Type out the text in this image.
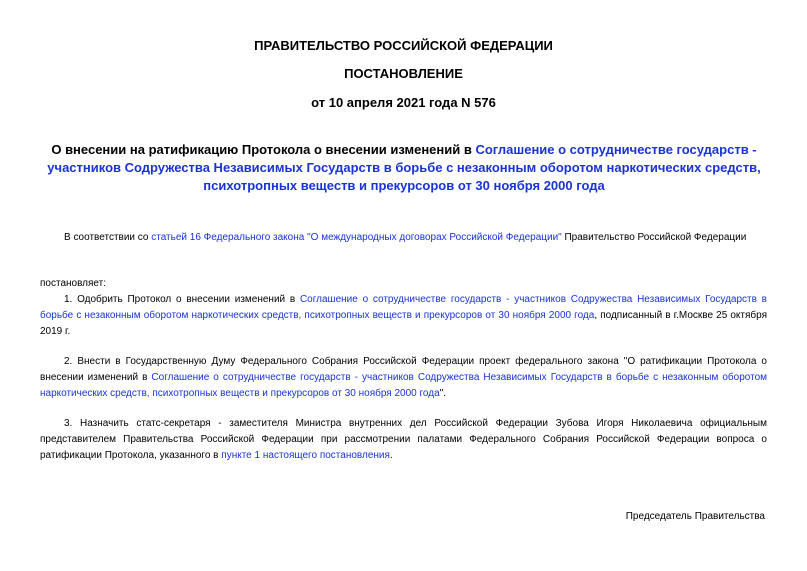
ПРАВИТЕЛЬСТВО РОССИЙСКОЙ ФЕДЕРАЦИИ
ПОСТАНОВЛЕНИЕ
от 10 апреля 2021 года N 576
О внесении на ратификацию Протокола о внесении изменений в Соглашение о сотрудничестве государств - участников Содружества Независимых Государств в борьбе с незаконным оборотом наркотических средств, психотропных веществ и прекурсоров от 30 ноября 2000 года
В соответствии со статьей 16 Федерального закона "О международных договорах Российской Федерации" Правительство Российской Федерации
постановляет:
1. Одобрить Протокол о внесении изменений в Соглашение о сотрудничестве государств - участников Содружества Независимых Государств в борьбе с незаконным оборотом наркотических средств, психотропных веществ и прекурсоров от 30 ноября 2000 года, подписанный в г.Москве 25 октября 2019 г.
2. Внести в Государственную Думу Федерального Собрания Российской Федерации проект федерального закона "О ратификации Протокола о внесении изменений в Соглашение о сотрудничестве государств - участников Содружества Независимых Государств в борьбе с незаконным оборотом наркотических средств, психотропных веществ и прекурсоров от 30 ноября 2000 года".
3. Назначить статс-секретаря - заместителя Министра внутренних дел Российской Федерации Зубова Игоря Николаевича официальным представителем Правительства Российской Федерации при рассмотрении палатами Федерального Собрания Российской Федерации вопроса о ратификации Протокола, указанного в пункте 1 настоящего постановления.
Председатель Правительства
